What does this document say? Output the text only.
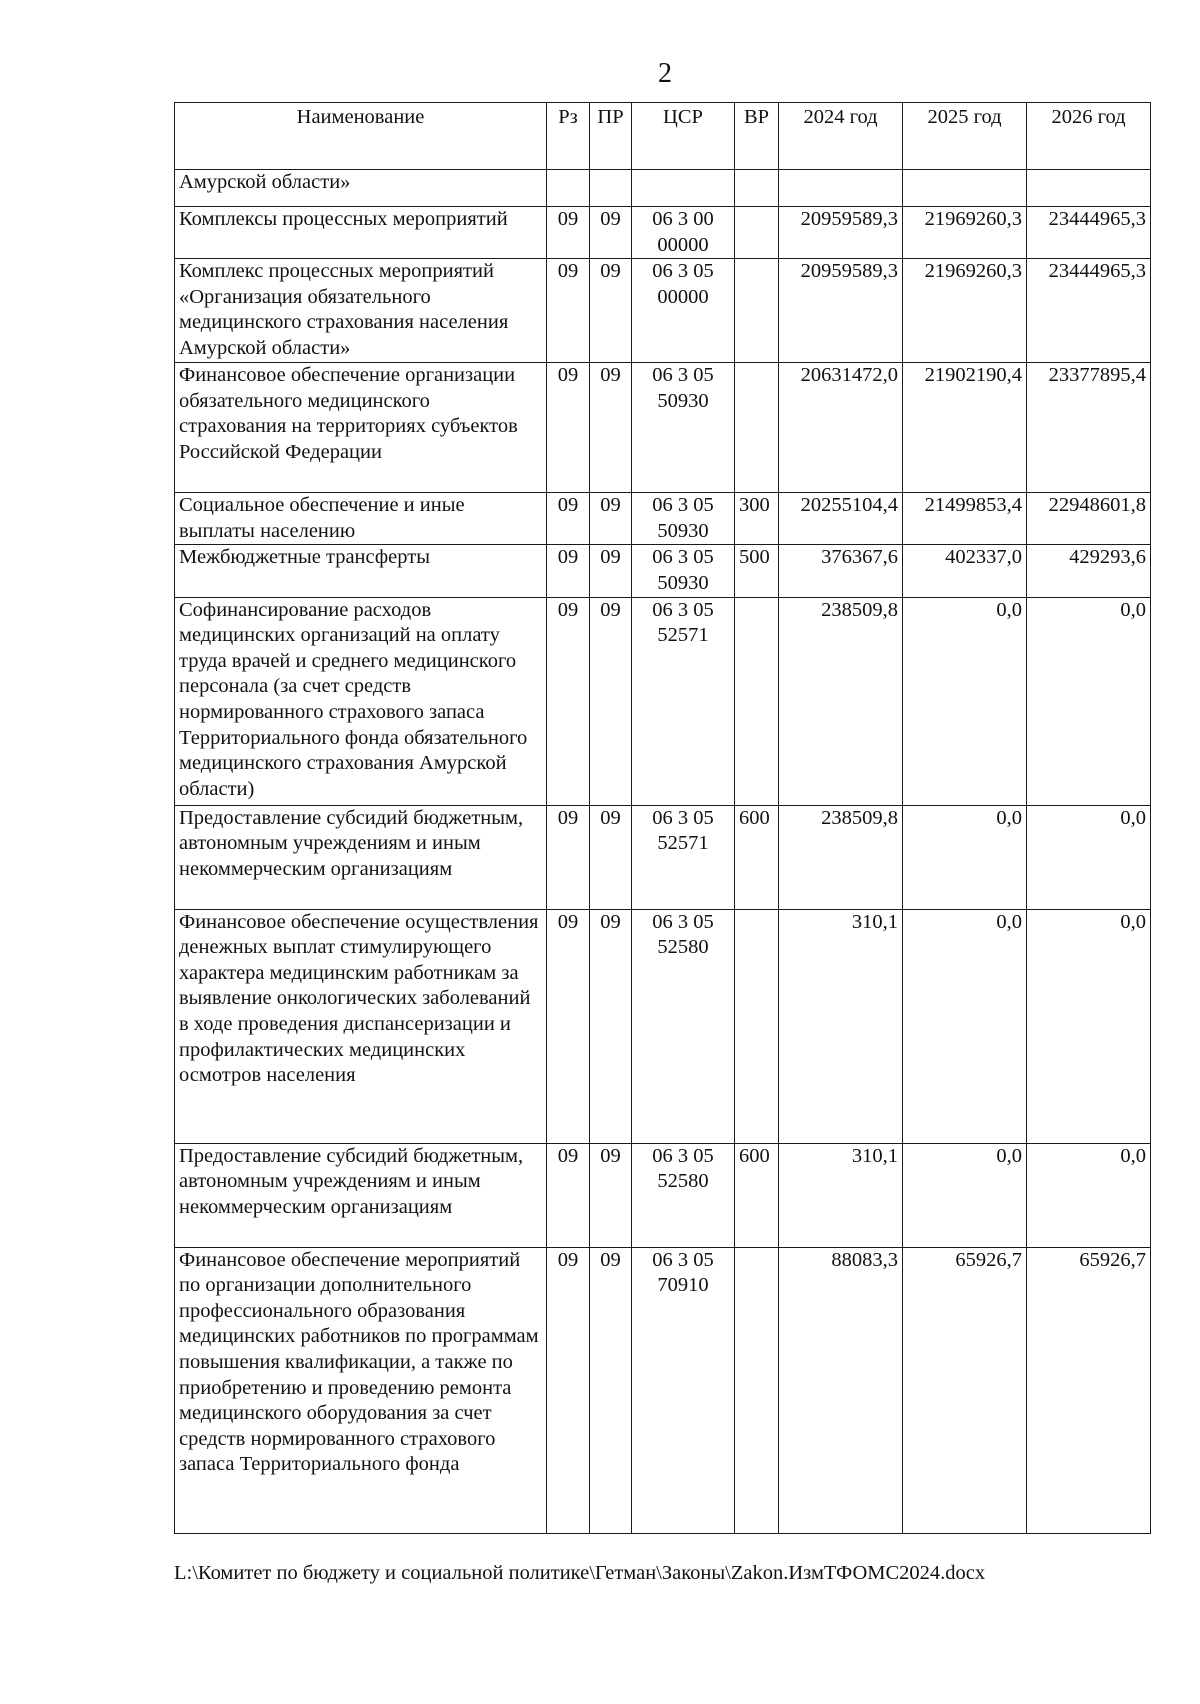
2
Наименование	Рз	ПР	ЦСР	ВР	2024 год	2025 год	2026 год
Амурской области»							
Комплексы процессных мероприятий	09	09	06 3 00 00000		20959589,3	21969260,3	23444965,3
Комплекс процессных мероприятий «Организация обязательного медицинского страхования населения Амурской области»	09	09	06 3 05 00000		20959589,3	21969260,3	23444965,3
Финансовое обеспечение организации обязательного медицинского страхования на территориях субъектов Российской Федерации	09	09	06 3 05 50930		20631472,0	21902190,4	23377895,4
Социальное обеспечение и иные выплаты населению	09	09	06 3 05 50930	300	20255104,4	21499853,4	22948601,8
Межбюджетные трансферты	09	09	06 3 05 50930	500	376367,6	402337,0	429293,6
Софинансирование расходов медицинских организаций на оплату труда врачей и среднего медицинского персонала (за счет средств нормированного страхового запаса Территориального фонда обязательного медицинского страхования Амурской области)	09	09	06 3 05 52571		238509,8	0,0	0,0
Предоставление субсидий бюджетным, автономным учреждениям и иным некоммерческим организациям	09	09	06 3 05 52571	600	238509,8	0,0	0,0
Финансовое обеспечение осуществления денежных выплат стимулирующего характера медицинским работникам за выявление онкологических заболеваний в ходе проведения диспансеризации и профилактических медицинских осмотров населения	09	09	06 3 05 52580		310,1	0,0	0,0
Предоставление субсидий бюджетным, автономным учреждениям и иным некоммерческим организациям	09	09	06 3 05 52580	600	310,1	0,0	0,0
Финансовое обеспечение мероприятий по организации дополнительного профессионального образования медицинских работников по программам повышения квалификации, а также по приобретению и проведению ремонта медицинского оборудования за счет средств нормированного страхового запаса Территориального фонда	09	09	06 3 05 70910		88083,3	65926,7	65926,7
L:\Комитет по бюджету и социальной политике\Гетман\Законы\Zakon.ИзмТФОМС2024.docx
